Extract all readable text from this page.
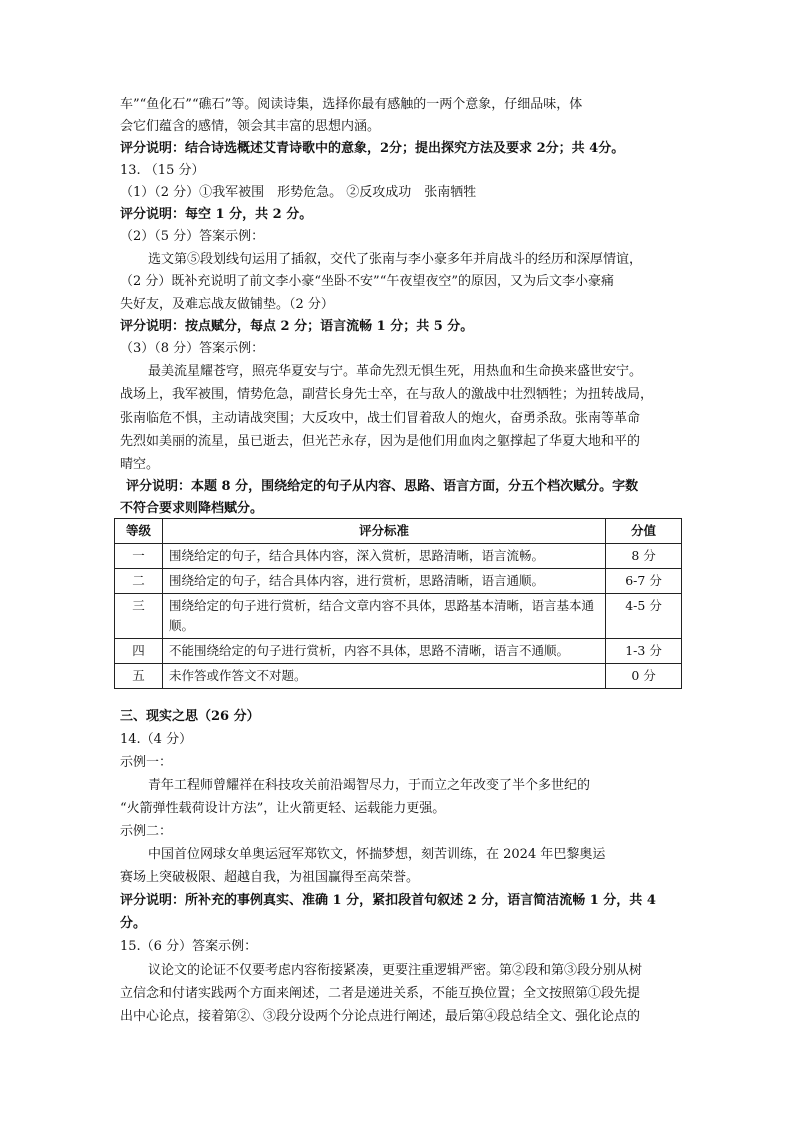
车”“鱼化石”“礁石”等。阅读诗集，选择你最有感触的一两个意象，仔细品味，体
会它们蕴含的感情，领会其丰富的思想内涵。
评分说明：结合诗选概述艾青诗歌中的意象，2分；提出探究方法及要求 2分；共 4分。
13. （15 分）
（1）（2 分）①我军被围　形势危急。 ②反攻成功　张南牺牲
评分说明：每空 1 分，共 2 分。
（2）（5 分）答案示例：
选文第⑤段划线句运用了插叙，交代了张南与李小豪多年并肩战斗的经历和深厚情谊，
（2 分）既补充说明了前文李小豪“坐卧不安”“午夜望夜空”的原因，又为后文李小豪痛
失好友，及难忘战友做铺垫。（2 分）
评分说明：按点赋分，每点 2 分；语言流畅 1 分；共 5 分。
（3）（8 分）答案示例：
最美流星耀苍穹，照亮华夏安与宁。革命先烈无惧生死，用热血和生命换来盛世安宁。
战场上，我军被围，情势危急，副营长身先士卒，在与敌人的激战中壮烈牺牲；为扭转战局，
张南临危不惧，主动请战突围；大反攻中，战士们冒着敌人的炮火，奋勇杀敌。张南等革命
先烈如美丽的流星，虽已逝去，但光芒永存，因为是他们用血肉之躯撑起了华夏大地和平的
晴空。
评分说明：本题 8 分，围绕给定的句子从内容、思路、语言方面，分五个档次赋分。字数
不符合要求则降档赋分。
等级	评分标准	分值
一	围绕给定的句子，结合具体内容，深入赏析，思路清晰，语言流畅。	8 分
二	围绕给定的句子，结合具体内容，进行赏析，思路清晰，语言通顺。	6-7 分
三	围绕给定的句子进行赏析，结合文章内容不具体，思路基本清晰，语言基本通顺。	4-5 分
四	不能围绕给定的句子进行赏析，内容不具体，思路不清晰，语言不通顺。	1-3 分
五	未作答或作答文不对题。	0 分
三、现实之思（26 分）
14.（4 分）
示例一：
青年工程师曾耀祥在科技攻关前沿竭智尽力，于而立之年改变了半个多世纪的
“火箭弹性载荷设计方法”，让火箭更轻、运载能力更强。
示例二：
中国首位网球女单奥运冠军郑钦文，怀揣梦想，刻苦训练，在 2024 年巴黎奥运
赛场上突破极限、超越自我，为祖国赢得至高荣誉。
评分说明：所补充的事例真实、准确 1 分，紧扣段首句叙述 2 分，语言简洁流畅 1 分，共 4
分。
15.（6 分）答案示例：
议论文的论证不仅要考虑内容衔接紧凑，更要注重逻辑严密。第②段和第③段分别从树
立信念和付诸实践两个方面来阐述，二者是递进关系，不能互换位置；全文按照第①段先提
出中心论点，接着第②、③段分设两个分论点进行阐述，最后第④段总结全文、强化论点的
